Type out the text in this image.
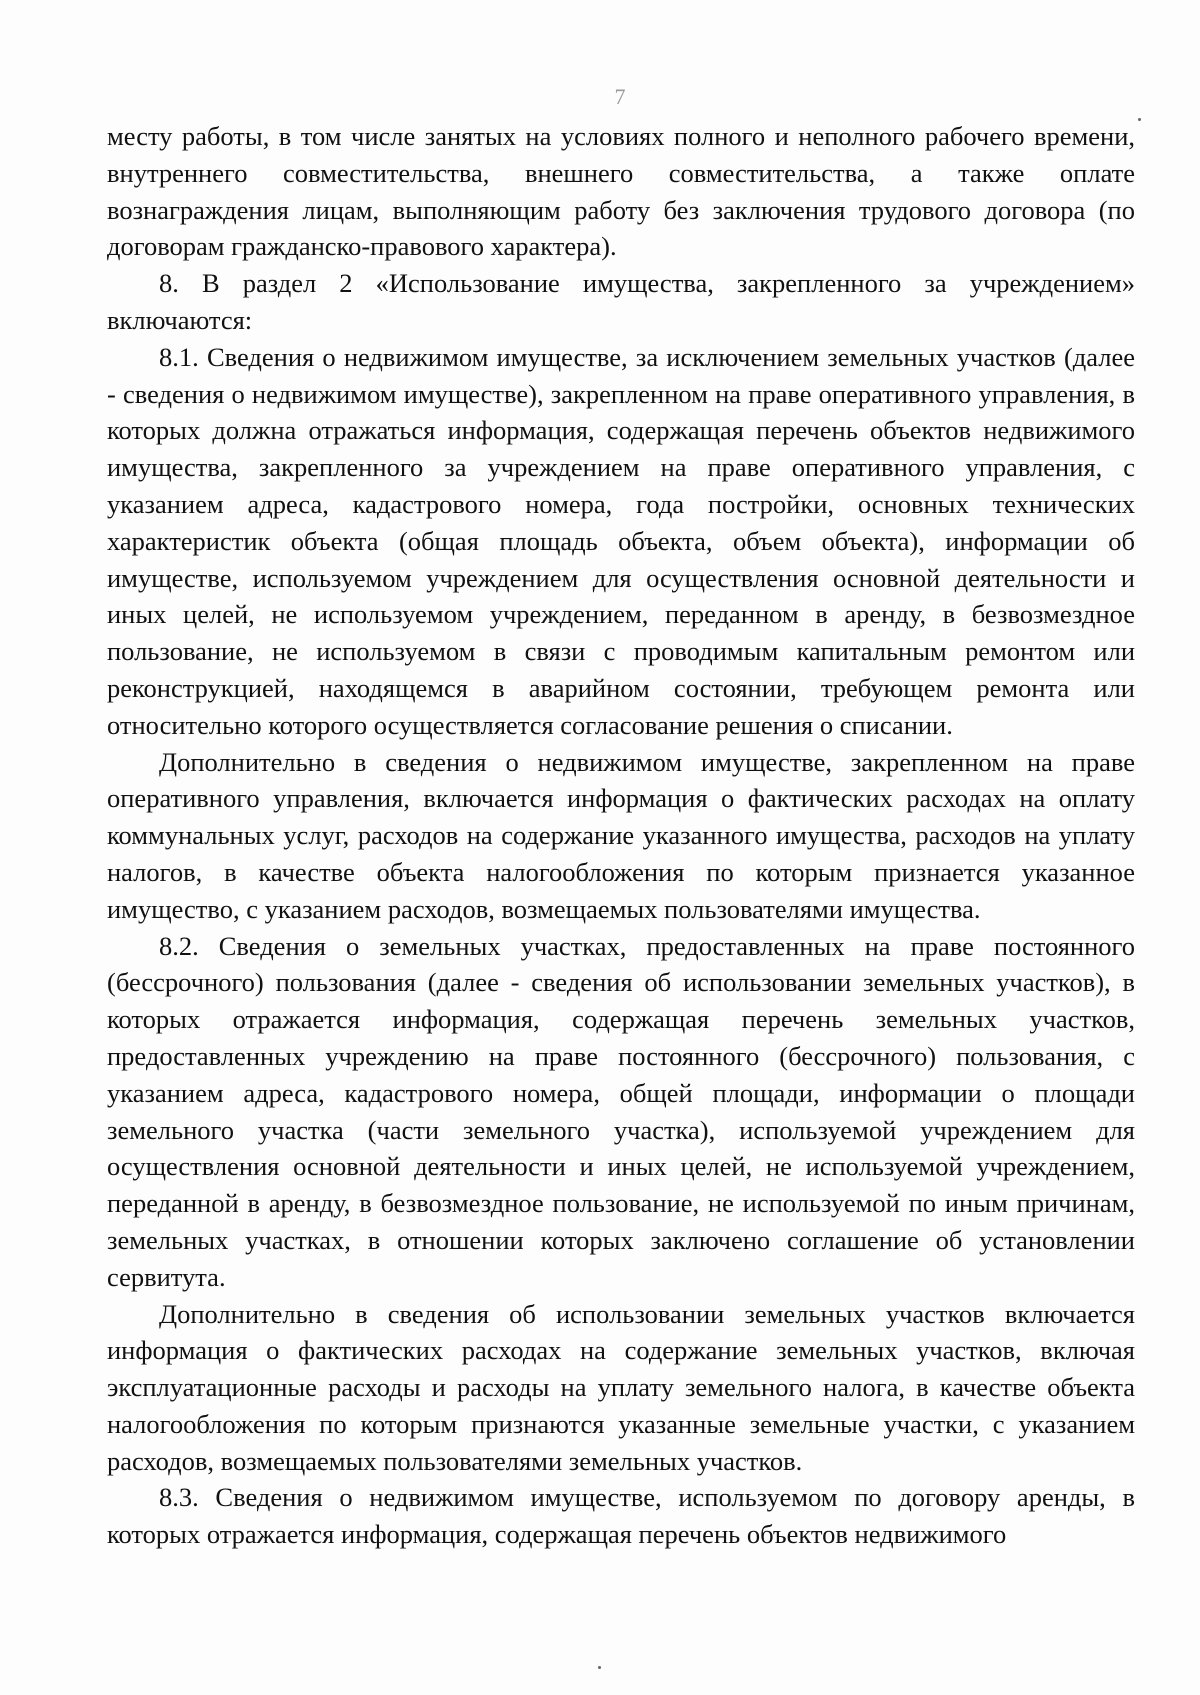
7

месту работы, в том числе занятых на условиях полного и неполного рабочего времени, внутреннего совместительства, внешнего совместительства, а также оплате вознаграждения лицам, выполняющим работу без заключения трудового договора (по договорам гражданско-правового характера).

8. В раздел 2 «Использование имущества, закрепленного за учреждением» включаются:

8.1. Сведения о недвижимом имуществе, за исключением земельных участков (далее - сведения о недвижимом имуществе), закрепленном на праве оперативного управления, в которых должна отражаться информация, содержащая перечень объектов недвижимого имущества, закрепленного за учреждением на праве оперативного управления, с указанием адреса, кадастрового номера, года постройки, основных технических характеристик объекта (общая площадь объекта, объем объекта), информации об имуществе, используемом учреждением для осуществления основной деятельности и иных целей, не используемом учреждением, переданном в аренду, в безвозмездное пользование, не используемом в связи с проводимым капитальным ремонтом или реконструкцией, находящемся в аварийном состоянии, требующем ремонта или относительно которого осуществляется согласование решения о списании.

Дополнительно в сведения о недвижимом имуществе, закрепленном на праве оперативного управления, включается информация о фактических расходах на оплату коммунальных услуг, расходов на содержание указанного имущества, расходов на уплату налогов, в качестве объекта налогообложения по которым признается указанное имущество, с указанием расходов, возмещаемых пользователями имущества.

8.2. Сведения о земельных участках, предоставленных на праве постоянного (бессрочного) пользования (далее - сведения об использовании земельных участков), в которых отражается информация, содержащая перечень земельных участков, предоставленных учреждению на праве постоянного (бессрочного) пользования, с указанием адреса, кадастрового номера, общей площади, информации о площади земельного участка (части земельного участка), используемой учреждением для осуществления основной деятельности и иных целей, не используемой учреждением, переданной в аренду, в безвозмездное пользование, не используемой по иным причинам, земельных участках, в отношении которых заключено соглашение об установлении сервитута.

Дополнительно в сведения об использовании земельных участков включается информация о фактических расходах на содержание земельных участков, включая эксплуатационные расходы и расходы на уплату земельного налога, в качестве объекта налогообложения по которым признаются указанные земельные участки, с указанием расходов, возмещаемых пользователями земельных участков.

8.3. Сведения о недвижимом имуществе, используемом по договору аренды, в которых отражается информация, содержащая перечень объектов недвижимого
